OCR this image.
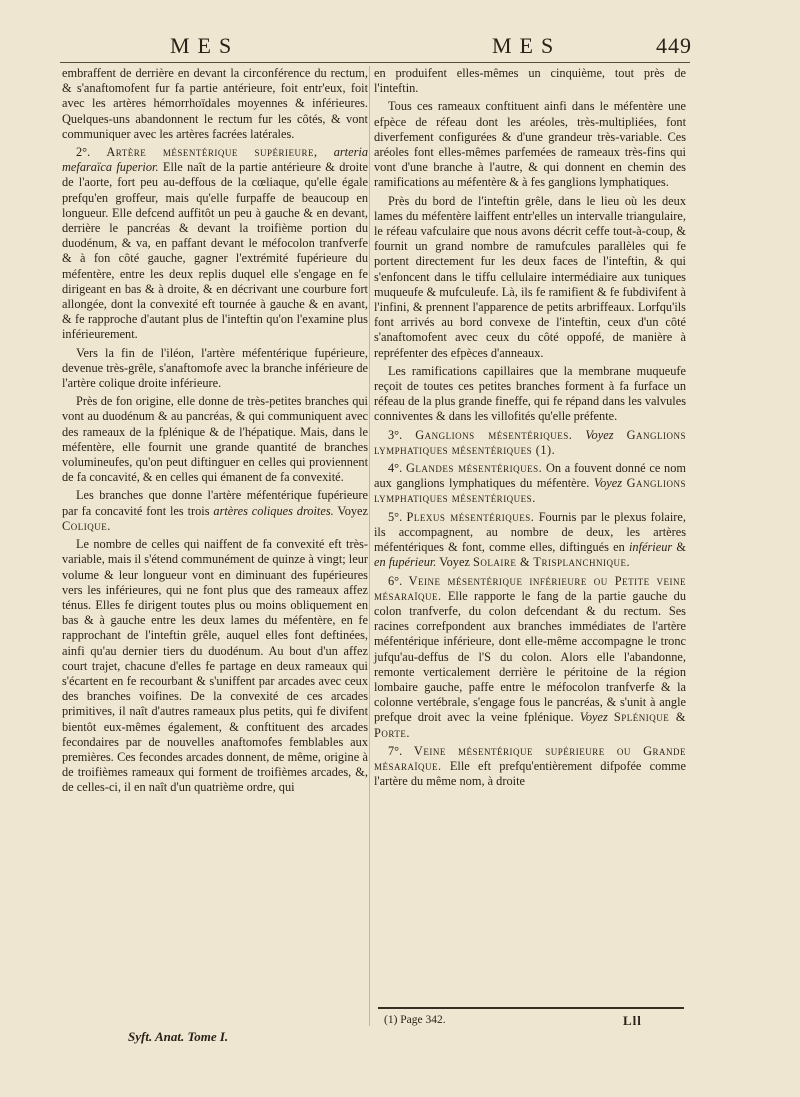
MES	MES	449

embraffent de derrière en devant la circonférence du rectum, & s'anaftomofent fur fa partie antérieure, foit entr'eux, foit avec les artères hémorrhoïdales moyennes & inférieures. Quelques-uns abandonnent le rectum fur les côtés, & vont communiquer avec les artères facrées latérales.

2°. Artère mésentérique supérieure, arteria mefaraïca fuperior. Elle naît de la partie antérieure & droite de l'aorte, fort peu au-deffous de la cœliaque, qu'elle égale prefqu'en groffeur, mais qu'elle furpaffe de beaucoup en longueur. Elle defcend auffitôt un peu à gauche & en devant, derrière le pancréas & devant la troifième portion du duodénum, & va, en paffant devant le méfocolon tranfverfe & à fon côté gauche, gagner l'extrémité fupérieure du méfentère, entre les deux replis duquel elle s'engage en fe dirigeant en bas & à droite, & en décrivant une courbure fort allongée, dont la convexité eft tournée à gauche & en avant, & fe rapproche d'autant plus de l'inteftin qu'on l'examine plus inférieurement.

Vers la fin de l'iléon, l'artère méfentérique fupérieure, devenue très-grêle, s'anaftomofe avec la branche inférieure de l'artère colique droite inférieure.

Près de fon origine, elle donne de très-petites branches qui vont au duodénum & au pancréas, & qui communiquent avec des rameaux de la fplénique & de l'hépatique. Mais, dans le méfentère, elle fournit une grande quantité de branches volumineufes, qu'on peut diftinguer en celles qui proviennent de fa concavité, & en celles qui émanent de fa convexité.

Les branches que donne l'artère méfentérique fupérieure par fa concavité font les trois artères coliques droites. Voyez Colique.

Le nombre de celles qui naiffent de fa convexité eft très-variable, mais il s'étend communément de quinze à vingt; leur volume & leur longueur vont en diminuant des fupérieures vers les inférieures, qui ne font plus que des rameaux affez ténus. Elles fe dirigent toutes plus ou moins obliquement en bas & à gauche entre les deux lames du méfentère, en fe rapprochant de l'inteftin grêle, auquel elles font deftinées, ainfi qu'au dernier tiers du duodénum. Au bout d'un affez court trajet, chacune d'elles fe partage en deux rameaux qui s'écartent en fe recourbant & s'uniffent par arcades avec ceux des branches voifines. De la convexité de ces arcades primitives, il naît d'autres rameaux plus petits, qui fe divifent bientôt eux-mêmes également, & conftituent des arcades fecondaires par de nouvelles anaftomofes femblables aux premières. Ces fecondes arcades donnent, de même, origine à de troifièmes rameaux qui forment de troifièmes arcades, &, de celles-ci, il en naît d'un quatrième ordre, qui

en produifent elles-mêmes un cinquième, tout près de l'inteftin.

Tous ces rameaux conftituent ainfi dans le méfentère une efpèce de réfeau dont les aréoles, très-multipliées, font diverfement configurées & d'une grandeur très-variable. Ces aréoles font elles-mêmes parfemées de rameaux très-fins qui vont d'une branche à l'autre, & qui donnent en chemin des ramifications au méfentère & à fes ganglions lymphatiques.

Près du bord de l'inteftin grêle, dans le lieu où les deux lames du méfentère laiffent entr'elles un intervalle triangulaire, le réfeau vafculaire que nous avons décrit ceffe tout-à-coup, & fournit un grand nombre de ramufcules parallèles qui fe portent directement fur les deux faces de l'inteftin, & qui s'enfoncent dans le tiffu cellulaire intermédiaire aux tuniques muqueufe & mufculeufe. Là, ils fe ramifient & fe fubdivifent à l'infini, & prennent l'apparence de petits arbriffeaux. Lorfqu'ils font arrivés au bord convexe de l'inteftin, ceux d'un côté s'anaftomofent avec ceux du côté oppofé, de manière à repréfenter des efpèces d'anneaux.

Les ramifications capillaires que la membrane muqueufe reçoit de toutes ces petites branches forment à fa furface un réfeau de la plus grande fineffe, qui fe répand dans les valvules conniventes & dans les villofités qu'elle préfente.

3°. Ganglions mésentériques. Voyez Ganglions lymphatiques mésentériques (1).

4°. Glandes mésentériques. On a fouvent donné ce nom aux ganglions lymphatiques du méfentère. Voyez Ganglions lymphatiques mésentériques.

5°. Plexus mésentériques. Fournis par le plexus folaire, ils accompagnent, au nombre de deux, les artères méfentériques & font, comme elles, diftingués en inférieur & en fupérieur. Voyez Solaire & Trisplanchnique.

6°. Veine mésentérique inférieure ou Petite veine mésaraïque. Elle rapporte le fang de la partie gauche du colon tranfverfe, du colon defcendant & du rectum. Ses racines correfpondent aux branches immédiates de l'artère méfentérique inférieure, dont elle-même accompagne le tronc jufqu'au-deffus de l'S du colon. Alors elle l'abandonne, remonte verticalement derrière le péritoine de la région lombaire gauche, paffe entre le méfocolon tranfverfe & la colonne vertébrale, s'engage fous le pancréas, & s'unit à angle prefque droit avec la veine fplénique. Voyez Splénique & Porte.

7°. Veine mésentérique supérieure ou Grande mésaraïque. Elle eft prefqu'entièrement difpofée comme l'artère du même nom, à droite

(1) Page 342.	Lll
Syft. Anat. Tome I.
